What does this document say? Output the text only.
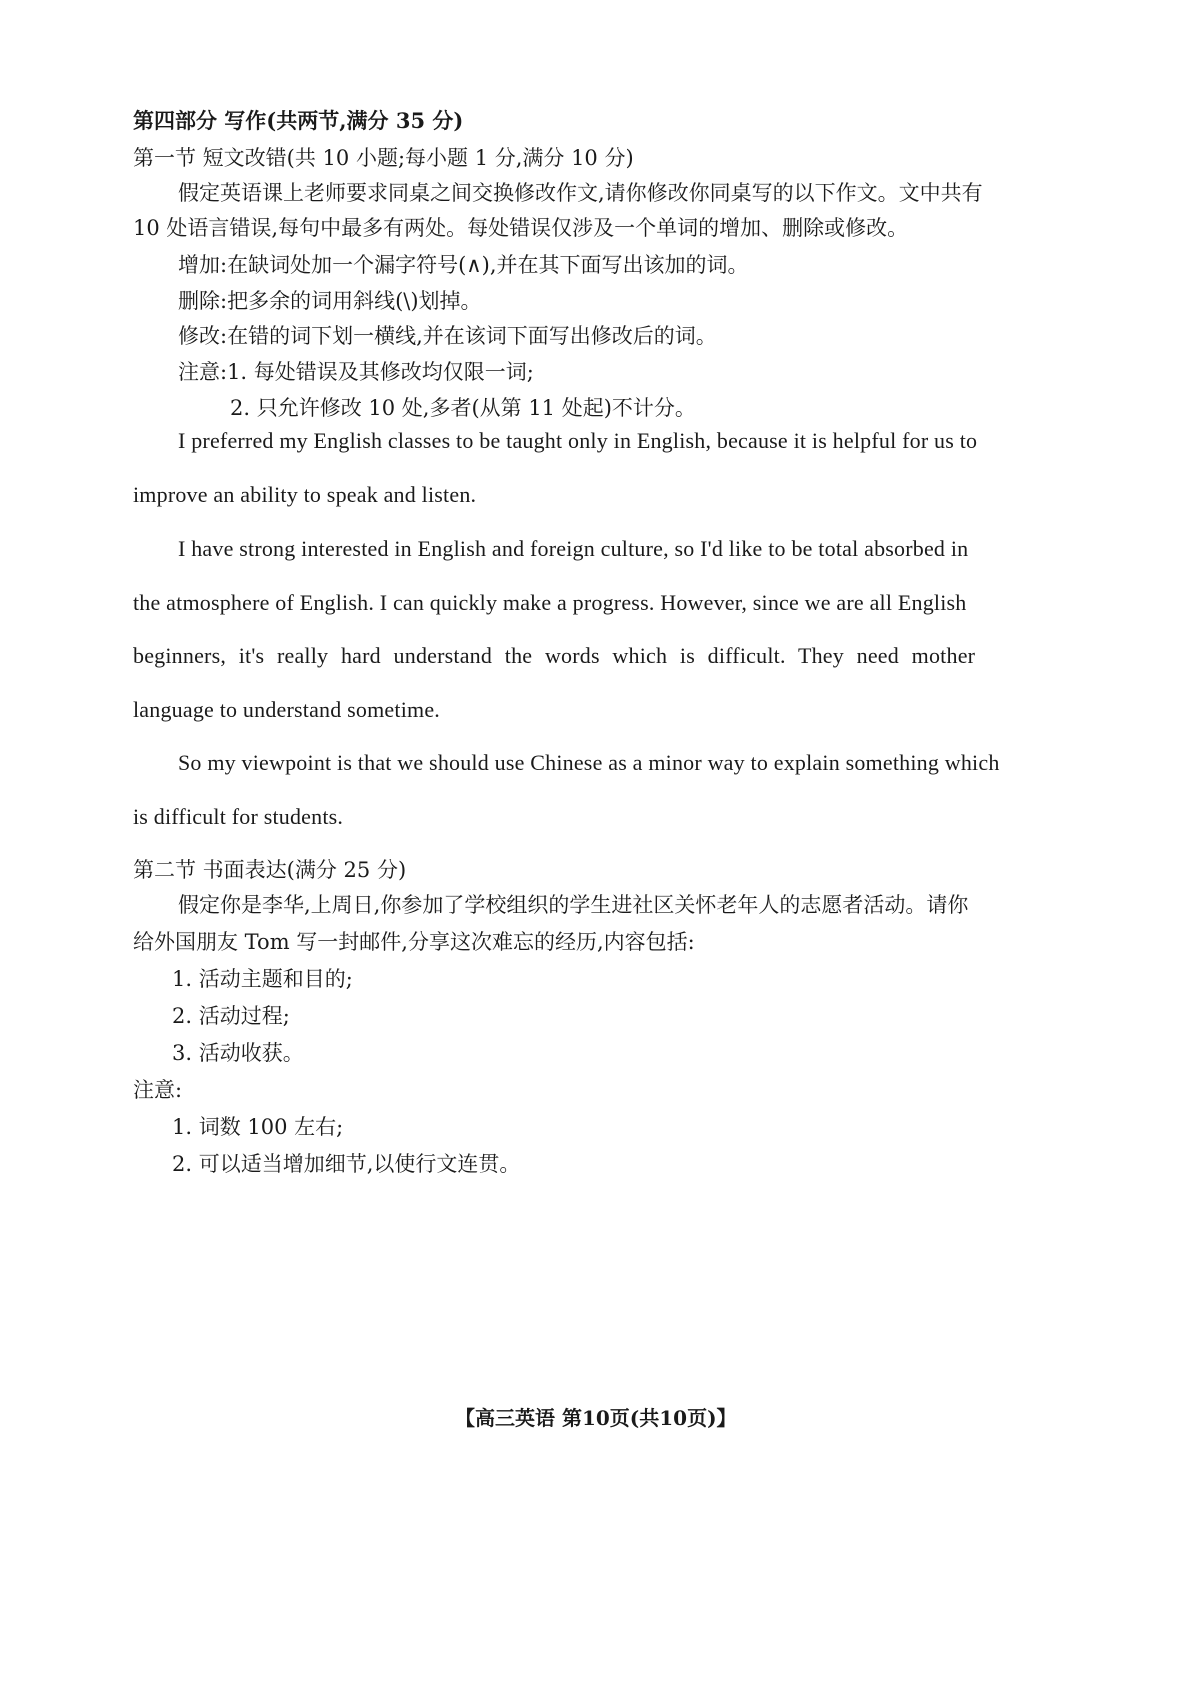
第四部分 写作(共两节,满分 35 分)
第一节 短文改错(共 10 小题;每小题 1 分,满分 10 分)
假定英语课上老师要求同桌之间交换修改作文,请你修改你同桌写的以下作文。文中共有
10 处语言错误,每句中最多有两处。每处错误仅涉及一个单词的增加、删除或修改。
增加:在缺词处加一个漏字符号(∧),并在其下面写出该加的词。
删除:把多余的词用斜线(\)划掉。
修改:在错的词下划一横线,并在该词下面写出修改后的词。
注意:1. 每处错误及其修改均仅限一词;
2. 只允许修改 10 处,多者(从第 11 处起)不计分。
I preferred my English classes to be taught only in English, because it is helpful for us to
improve an ability to speak and listen.
I have strong interested in English and foreign culture, so I'd like to be total absorbed in
the atmosphere of English. I can quickly make a progress. However, since we are all English
beginners, it's really hard understand the words which is difficult. They need mother
language to understand sometime.
So my viewpoint is that we should use Chinese as a minor way to explain something which
is difficult for students.
第二节 书面表达(满分 25 分)
假定你是李华,上周日,你参加了学校组织的学生进社区关怀老年人的志愿者活动。请你
给外国朋友 Tom 写一封邮件,分享这次难忘的经历,内容包括:
1. 活动主题和目的;
2. 活动过程;
3. 活动收获。
注意:
1. 词数 100 左右;
2. 可以适当增加细节,以使行文连贯。
【高三英语 第10页(共10页)】
